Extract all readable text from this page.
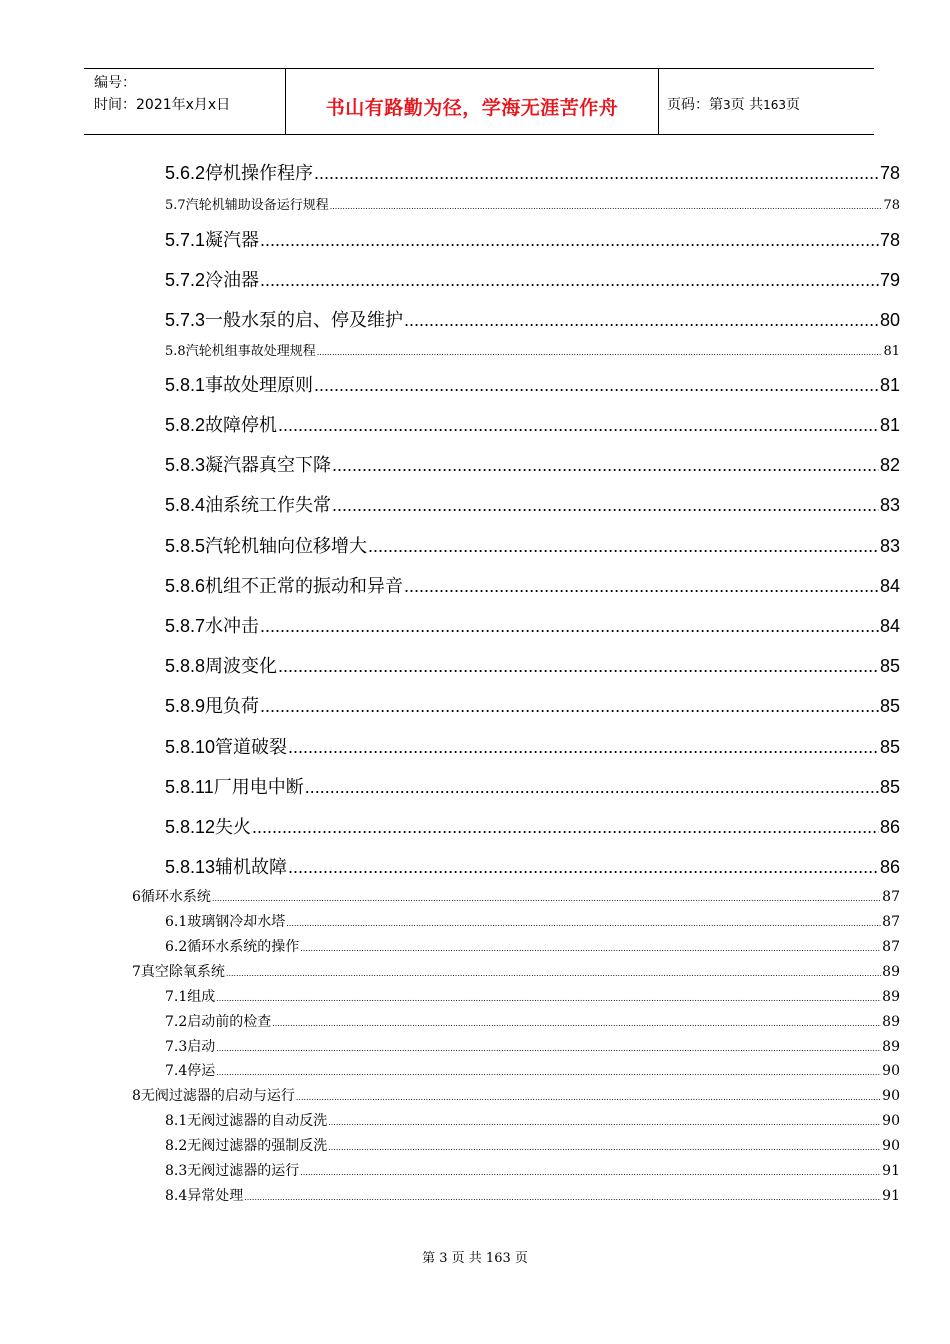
编号：
时间：2021年x月x日	书山有路勤为径，学海无涯苦作舟	页码：第3页 共163页
5.6.2停机操作程序 .....	78
5.7汽轮机辅助设备运行规程 .....	78
5.7.1凝汽器 .....	78
5.7.2冷油器 .....	79
5.7.3一般水泵的启、停及维护 .....	80
5.8汽轮机组事故处理规程 .....	81
5.8.1事故处理原则 .....	81
5.8.2故障停机 .....	81
5.8.3凝汽器真空下降 .....	82
5.8.4油系统工作失常 .....	83
5.8.5汽轮机轴向位移增大 .....	83
5.8.6机组不正常的振动和异音 .....	84
5.8.7水冲击 .....	84
5.8.8周波变化 .....	85
5.8.9甩负荷 .....	85
5.8.10管道破裂 .....	85
5.8.11厂用电中断 .....	85
5.8.12失火 .....	86
5.8.13辅机故障 .....	86
6循环水系统 .....	87
6.1玻璃钢冷却水塔 .....	87
6.2循环水系统的操作 .....	87
7真空除氧系统 .....	89
7.1组成 .....	89
7.2启动前的检查 .....	89
7.3启动 .....	89
7.4停运 .....	90
8无阀过滤器的启动与运行 .....	90
8.1无阀过滤器的自动反洗 .....	90
8.2无阀过滤器的强制反洗 .....	90
8.3无阀过滤器的运行 .....	91
8.4异常处理 .....	91
第 3 页 共 163 页
